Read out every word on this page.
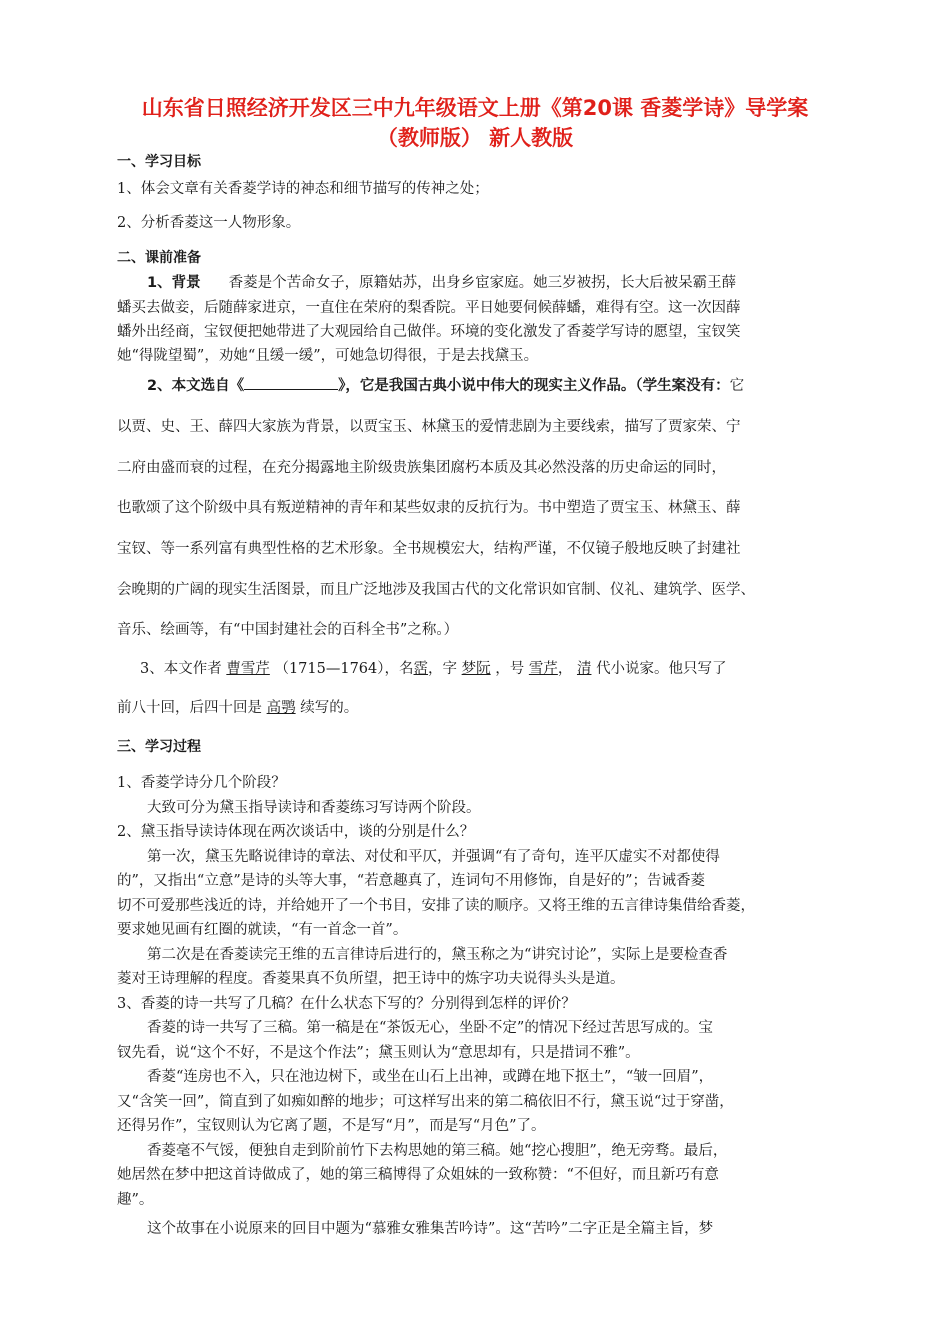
山东省日照经济开发区三中九年级语文上册《第20课 香菱学诗》导学案
（教师版） 新人教版
一、学习目标
1、体会文章有关香菱学诗的神态和细节描写的传神之处；
2、分析香菱这一人物形象。
二、课前准备
1、背景 香菱是个苦命女子，原籍姑苏，出身乡宦家庭。她三岁被拐，长大后被呆霸王薛
蟠买去做妾，后随薛家进京，一直住在荣府的梨香院。平日她要伺候薛蟠，难得有空。这一次因薛
蟠外出经商，宝钗便把她带进了大观园给自己做伴。环境的变化激发了香菱学写诗的愿望，宝钗笑
她“得陇望蜀”，劝她“且缓一缓”，可她急切得很，于是去找黛玉。
2、本文选自《	》，它是我国古典小说中伟大的现实主义作品。（学生案没有：它
以贾、史、王、薛四大家族为背景，以贾宝玉、林黛玉的爱情悲剧为主要线索，描写了贾家荣、宁
二府由盛而衰的过程，在充分揭露地主阶级贵族集团腐朽本质及其必然没落的历史命运的同时，
也歌颂了这个阶级中具有叛逆精神的青年和某些奴隶的反抗行为。书中塑造了贾宝玉、林黛玉、薛
宝钗、等一系列富有典型性格的艺术形象。全书规模宏大，结构严谨，不仅镜子般地反映了封建社
会晚期的广阔的现实生活图景，而且广泛地涉及我国古代的文化常识如官制、仪礼、建筑学、医学、
音乐、绘画等，有“中国封建社会的百科全书”之称。）
3、本文作者 曹雪芹 （1715—1764），名霑，字 梦阮 ，号 雪芹， 清 代小说家。他只写了
前八十回，后四十回是 高鹗 续写的。
三、学习过程
1、香菱学诗分几个阶段？
大致可分为黛玉指导读诗和香菱练习写诗两个阶段。
2、黛玉指导读诗体现在两次谈话中，谈的分别是什么？
第一次，黛玉先略说律诗的章法、对仗和平仄，并强调“有了奇句，连平仄虚实不对都使得
的”，又指出“立意”是诗的头等大事，“若意趣真了，连词句不用修饰，自是好的”；告诫香菱
切不可爱那些浅近的诗，并给她开了一个书目，安排了读的顺序。又将王维的五言律诗集借给香菱，
要求她见画有红圈的就读，“有一首念一首”。
第二次是在香菱读完王维的五言律诗后进行的，黛玉称之为“讲究讨论”，实际上是要检查香
菱对王诗理解的程度。香菱果真不负所望，把王诗中的炼字功夫说得头头是道。
3、香菱的诗一共写了几稿？在什么状态下写的？分别得到怎样的评价？
香菱的诗一共写了三稿。第一稿是在“茶饭无心，坐卧不定”的情况下经过苦思写成的。宝
钗先看，说“这个不好，不是这个作法”；黛玉则认为“意思却有，只是措词不雅”。
香菱“连房也不入，只在池边树下，或坐在山石上出神，或蹲在地下抠土”，“皱一回眉”，
又“含笑一回”，简直到了如痴如醉的地步；可这样写出来的第二稿依旧不行，黛玉说“过于穿凿，
还得另作”，宝钗则认为它离了题，不是写“月”，而是写“月色”了。
香菱毫不气馁，便独自走到阶前竹下去构思她的第三稿。她“挖心搜胆”，绝无旁骛。最后，
她居然在梦中把这首诗做成了，她的第三稿博得了众姐妹的一致称赞：“不但好，而且新巧有意
趣”。
这个故事在小说原来的回目中题为“慕雅女雅集苦吟诗”。这“苦吟”二字正是全篇主旨，梦
